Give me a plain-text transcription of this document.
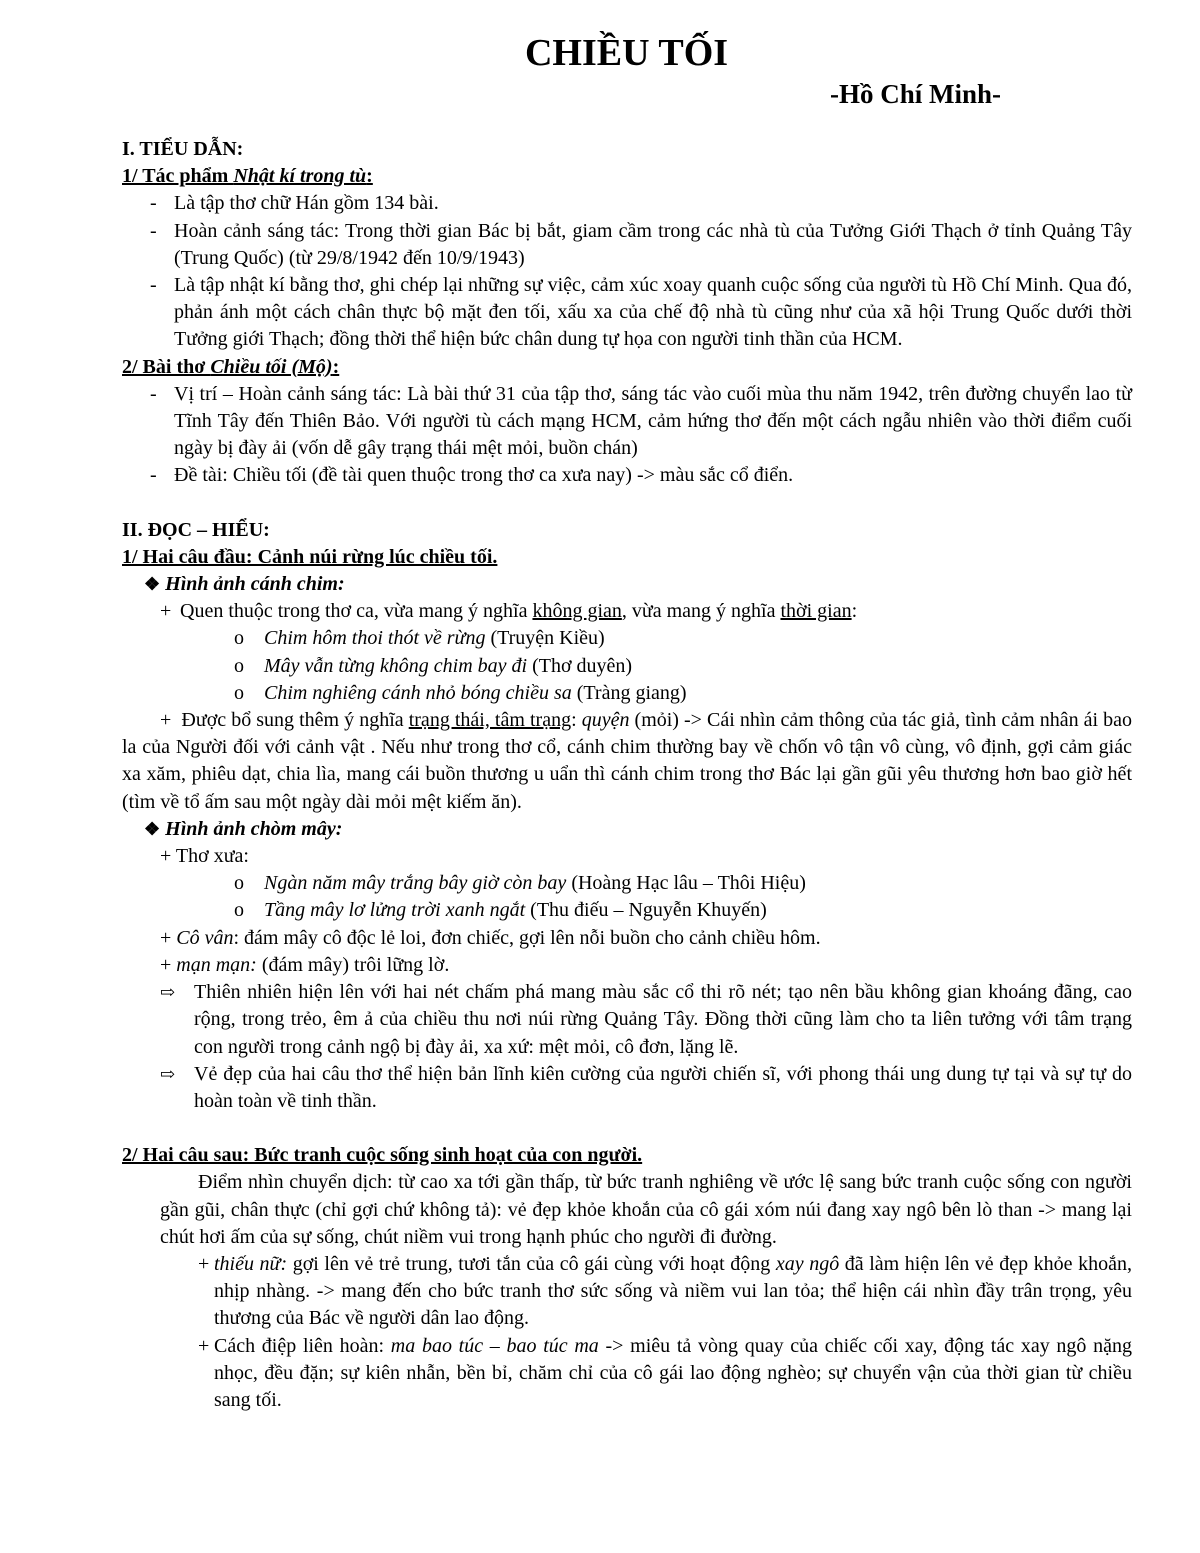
CHIỀU TỐI
-Hồ Chí Minh-

I. TIỂU DẪN:

1/ Tác phẩm Nhật kí trong tù:

- Là tập thơ chữ Hán gồm 134 bài.

- Hoàn cảnh sáng tác: Trong thời gian Bác bị bắt, giam cầm trong các nhà tù của Tưởng Giới Thạch ở tỉnh Quảng Tây (Trung Quốc) (từ 29/8/1942 đến 10/9/1943)

- Là tập nhật kí bằng thơ, ghi chép lại những sự việc, cảm xúc xoay quanh cuộc sống của người tù Hồ Chí Minh. Qua đó, phản ánh một cách chân thực bộ mặt đen tối, xấu xa của chế độ nhà tù cũng như của xã hội Trung Quốc dưới thời Tưởng giới Thạch; đồng thời thể hiện bức chân dung tự họa con người tinh thần của HCM.

2/ Bài thơ Chiều tối (Mộ):

- Vị trí – Hoàn cảnh sáng tác: Là bài thứ 31 của tập thơ, sáng tác vào cuối mùa thu năm 1942, trên đường chuyển lao từ Tĩnh Tây đến Thiên Bảo. Với người tù cách mạng HCM, cảm hứng thơ đến một cách ngẫu nhiên vào thời điểm cuối ngày bị đày ải (vốn dễ gây trạng thái mệt mỏi, buồn chán)

- Đề tài: Chiều tối (đề tài quen thuộc trong thơ ca xưa nay) -> màu sắc cổ điển.

II. ĐỌC – HIỂU:

1/ Hai câu đầu: Cảnh núi rừng lúc chiều tối.

❖ Hình ảnh cánh chim:

+ Quen thuộc trong thơ ca, vừa mang ý nghĩa không gian, vừa mang ý nghĩa thời gian:

o Chim hôm thoi thót về rừng (Truyện Kiều)

o Mây vẫn từng không chim bay đi (Thơ duyên)

o Chim nghiêng cánh nhỏ bóng chiều sa (Tràng giang)

+ Được bổ sung thêm ý nghĩa trạng thái, tâm trạng: quyện (mỏi) -> Cái nhìn cảm thông của tác giả, tình cảm nhân ái bao la của Người đối với cảnh vật . Nếu như trong thơ cổ, cánh chim thường bay về chốn vô tận vô cùng, vô định, gợi cảm giác xa xăm, phiêu dạt, chia lìa, mang cái buồn thương u uẩn thì cánh chim trong thơ Bác lại gần gũi yêu thương hơn bao giờ hết (tìm về tổ ấm sau một ngày dài mỏi mệt kiếm ăn).

❖ Hình ảnh chòm mây:

+ Thơ xưa:

o Ngàn năm mây trắng bây giờ còn bay (Hoàng Hạc lâu – Thôi Hiệu)

o Tầng mây lơ lửng trời xanh ngắt (Thu điếu – Nguyễn Khuyến)

+ Cô vân: đám mây cô độc lẻ loi, đơn chiếc, gợi lên nỗi buồn cho cảnh chiều hôm.

+ mạn mạn: (đám mây) trôi lững lờ.

⇨ Thiên nhiên hiện lên với hai nét chấm phá mang màu sắc cổ thi rõ nét; tạo nên bầu không gian khoáng đãng, cao rộng, trong trẻo, êm ả của chiều thu nơi núi rừng Quảng Tây. Đồng thời cũng làm cho ta liên tưởng với tâm trạng con người trong cảnh ngộ bị đày ải, xa xứ: mệt mỏi, cô đơn, lặng lẽ.

⇨ Vẻ đẹp của hai câu thơ thể hiện bản lĩnh kiên cường của người chiến sĩ, với phong thái ung dung tự tại và sự tự do hoàn toàn về tinh thần.

2/ Hai câu sau: Bức tranh cuộc sống sinh hoạt của con người.

Điểm nhìn chuyển dịch: từ cao xa tới gần thấp, từ bức tranh nghiêng về ước lệ sang bức tranh cuộc sống con người gần gũi, chân thực (chỉ gợi chứ không tả): vẻ đẹp khỏe khoắn của cô gái xóm núi đang xay ngô bên lò than -> mang lại chút hơi ấm của sự sống, chút niềm vui trong hạnh phúc cho người đi đường.

+ thiếu nữ: gợi lên vẻ trẻ trung, tươi tắn của cô gái cùng với hoạt động xay ngô đã làm hiện lên vẻ đẹp khỏe khoắn, nhịp nhàng. -> mang đến cho bức tranh thơ sức sống và niềm vui lan tỏa; thể hiện cái nhìn đầy trân trọng, yêu thương của Bác về người dân lao động.

+ Cách điệp liên hoàn: ma bao túc – bao túc ma -> miêu tả vòng quay của chiếc cối xay, động tác xay ngô nặng nhọc, đều đặn; sự kiên nhẫn, bền bỉ, chăm chỉ của cô gái lao động nghèo; sự chuyển vận của thời gian từ chiều sang tối.
